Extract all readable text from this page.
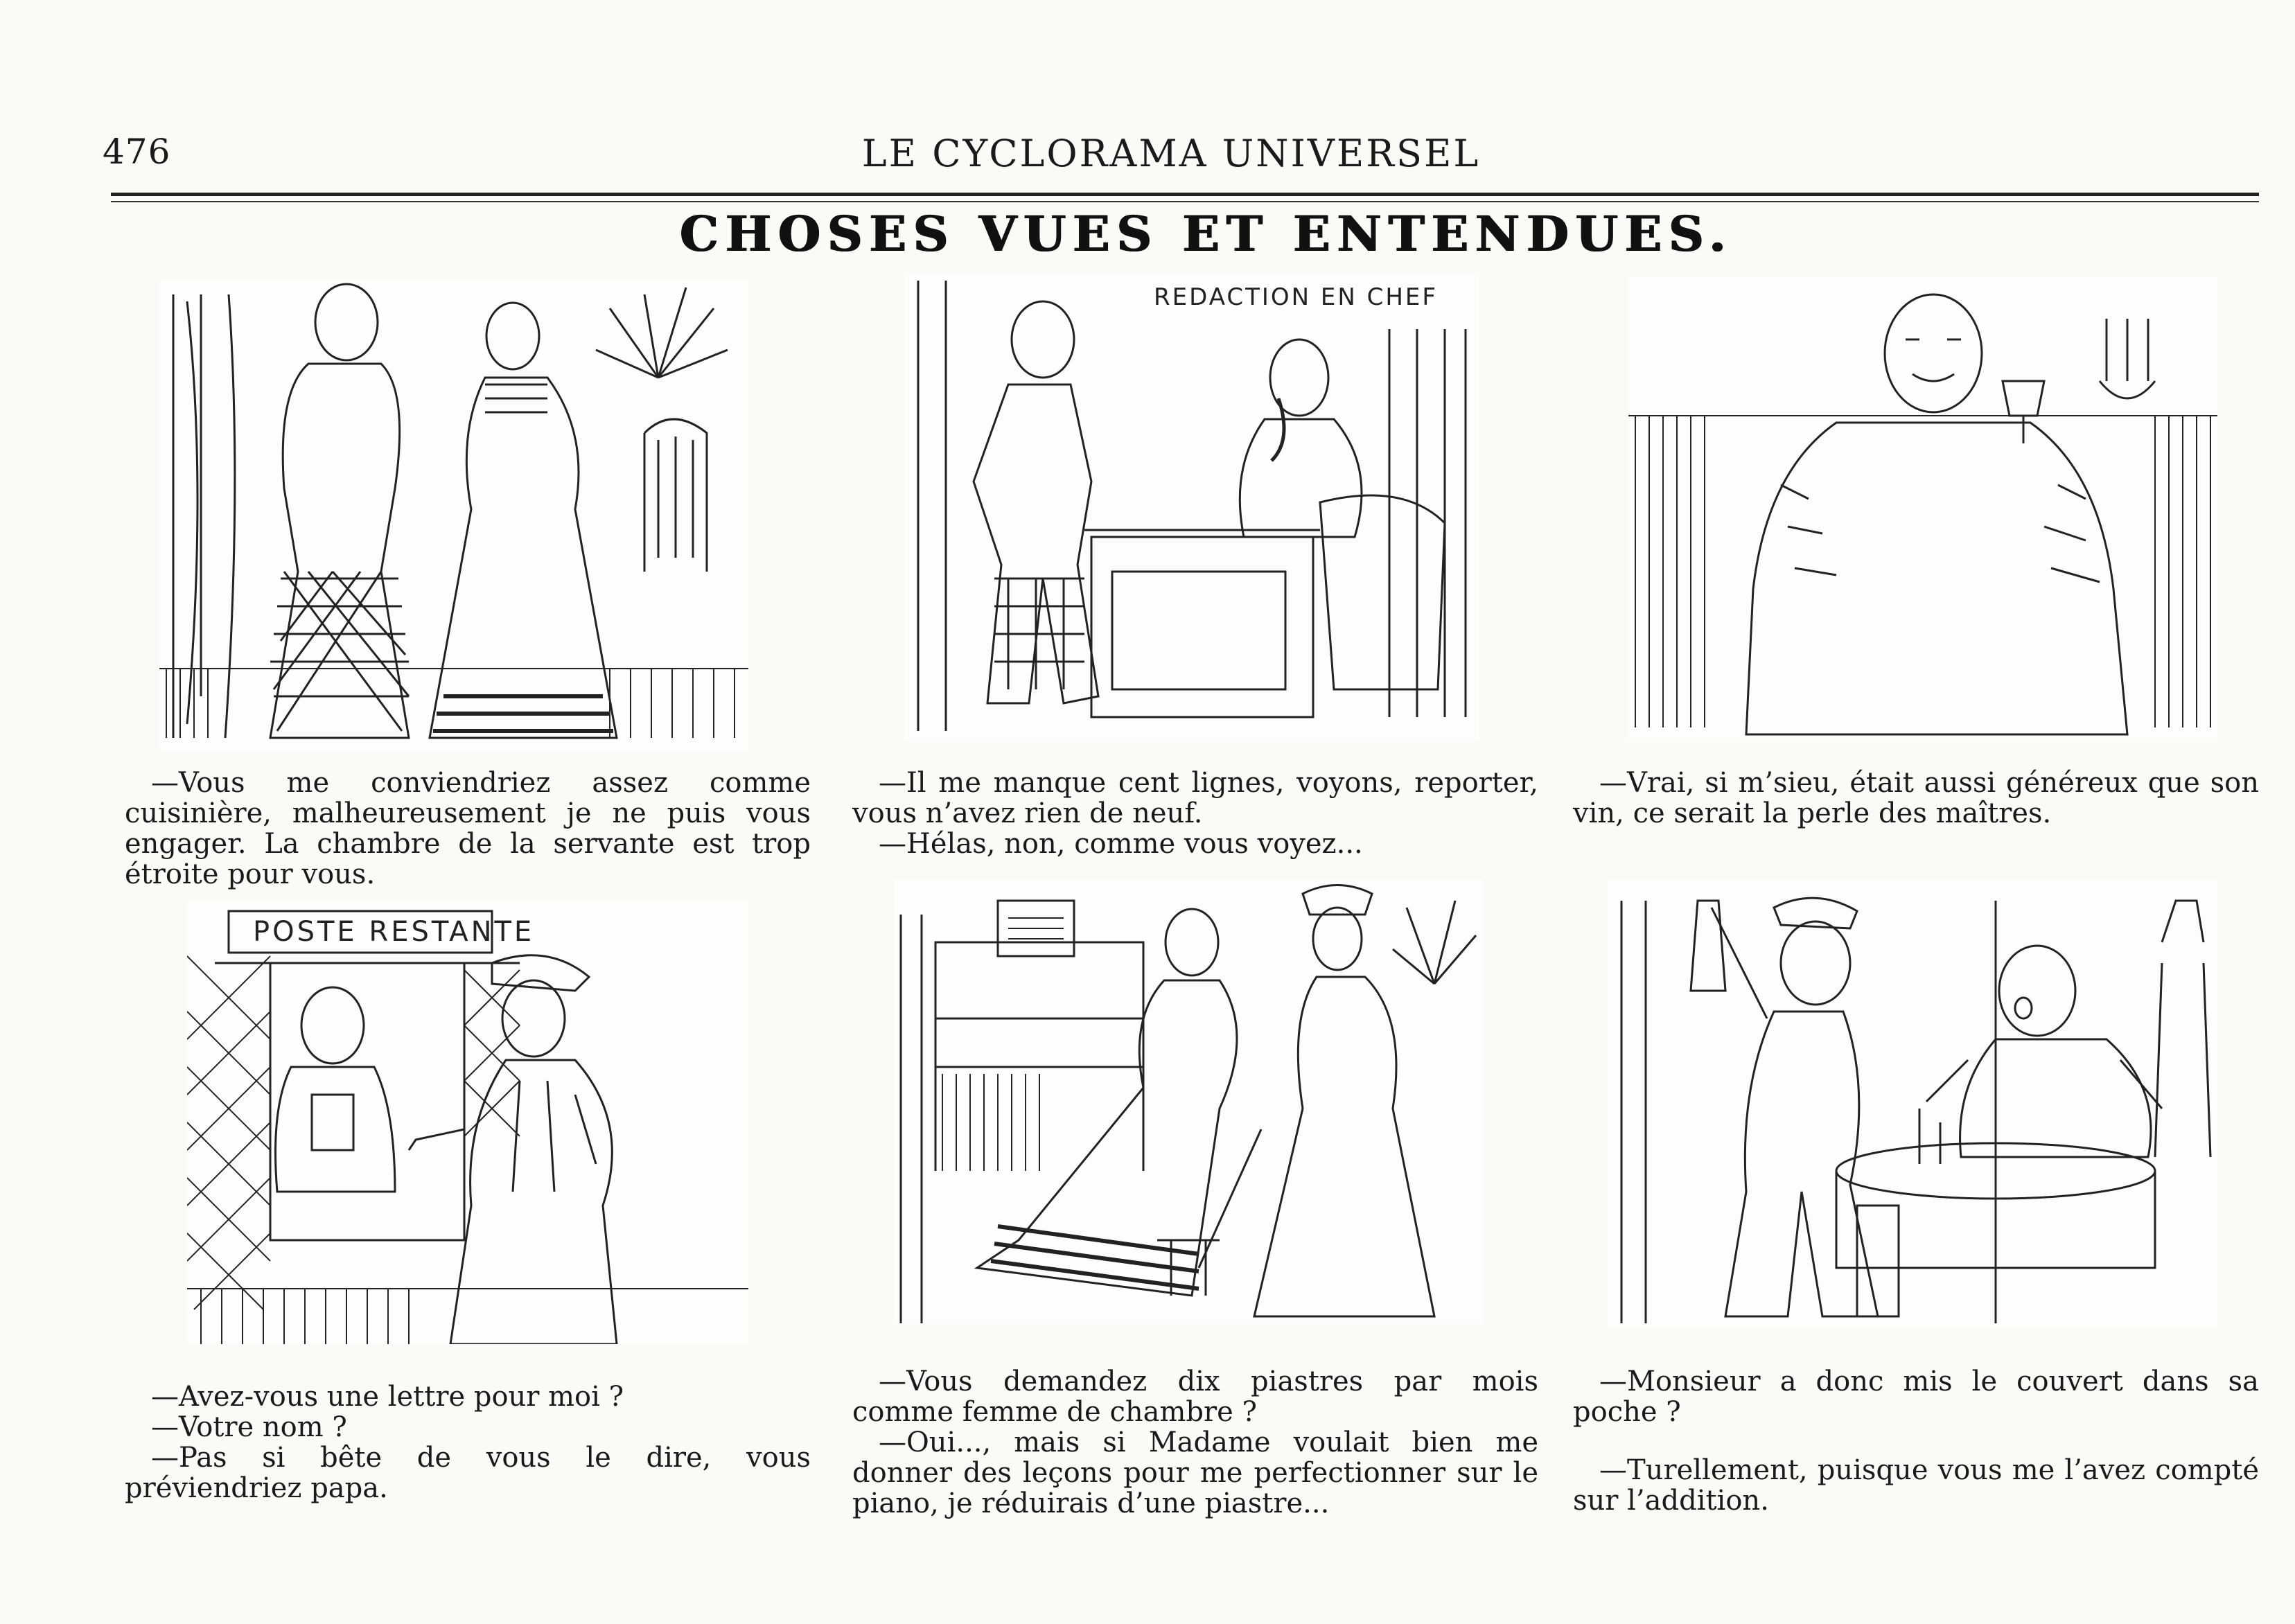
476	LE CYCLORAMA UNIVERSEL
CHOSES VUES ET ENTENDUES.

—Vous me conviendriez assez comme cuisinière, malheureusement je ne puis vous engager. La chambre de la servante est trop étroite pour vous.

REDACTION EN CHEF

—Il me manque cent lignes, voyons, reporter, vous n’avez rien de neuf.

—Hélas, non, comme vous voyez...

—Vrai, si m’sieu, était aussi généreux que son vin, ce serait la perle des maîtres.

POSTE RESTANTE

—Avez-vous une lettre pour moi ?

—Votre nom ?

—Pas si bête de vous le dire, vous préviendriez papa.

—Vous demandez dix piastres par mois comme femme de chambre ?

—Oui..., mais si Madame voulait bien me donner des leçons pour me perfectionner sur le piano, je réduirais d’une piastre...

—Monsieur a donc mis le couvert dans sa poche ?

—Turellement, puisque vous me l’avez compté sur l’addition.
